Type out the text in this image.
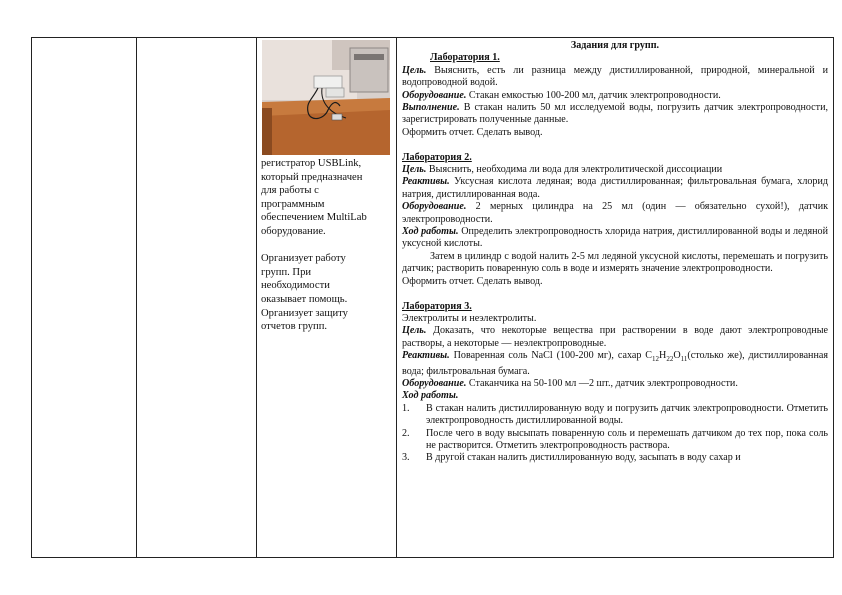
регистратор USBLink,

который предназначен

для работы с

программным

обеспечением MultiLab

оборудование.

Организует работу

групп. При

необходимости

оказывает помощь.

Организует защиту

отчетов групп.

Задания для групп.

Лаборатория 1.

Цель. Выяснить, есть ли разница между дистиллированной, природной, минеральной и водопроводной водой.

Оборудование. Стакан емкостью 100-200 мл, датчик электропроводности.

Выполнение. В стакан налить 50 мл исследуемой воды, погрузить датчик электропроводности, зарегистрировать полученные данные.

Оформить отчет. Сделать вывод.

Лаборатория 2.

Цель. Выяснить, необходима ли вода для электролитической диссоциации

Реактивы. Уксусная кислота ледяная; вода дистиллированная; фильтровальная бумага, хлорид натрия, дистиллированная вода.

Оборудование. 2 мерных цилиндра на 25 мл (один — обязательно сухой!), датчик электропроводности.

Ход работы. Определить электропроводность хлорида натрия, дистиллированной воды и ледяной уксусной кислоты.

Затем в цилиндр с водой налить 2-5 мл ледяной уксусной кислоты, перемешать и погрузить датчик; растворить поваренную соль в воде и измерять значение электропроводности.

Оформить отчет. Сделать вывод.

Лаборатория 3.

Электролиты и неэлектролиты.

Цель. Доказать, что некоторые вещества при растворении в воде дают электропроводные растворы, а некоторые — неэлектропроводные.

Реактивы. Поваренная соль NaCl (100-200 мг), сахар $C_{12}H_{22}O_{11}(столько$ же), дистиллированная вода; фильтровальная бумага.

Оборудование. Стаканчика на 50-100 мл —2 шт., датчик электропроводности.

Ход работы.

1.	В стакан налить дистиллированную воду и погрузить датчик электропроводности. Отметить электропроводность дистиллированной воды.
2.	После чего в воду высыпать поваренную соль и перемешать датчиком до тех пор, пока соль не растворится. Отметить электропроводность раствора.
3.	В другой стакан налить дистиллированную воду, засыпать в воду сахар и
